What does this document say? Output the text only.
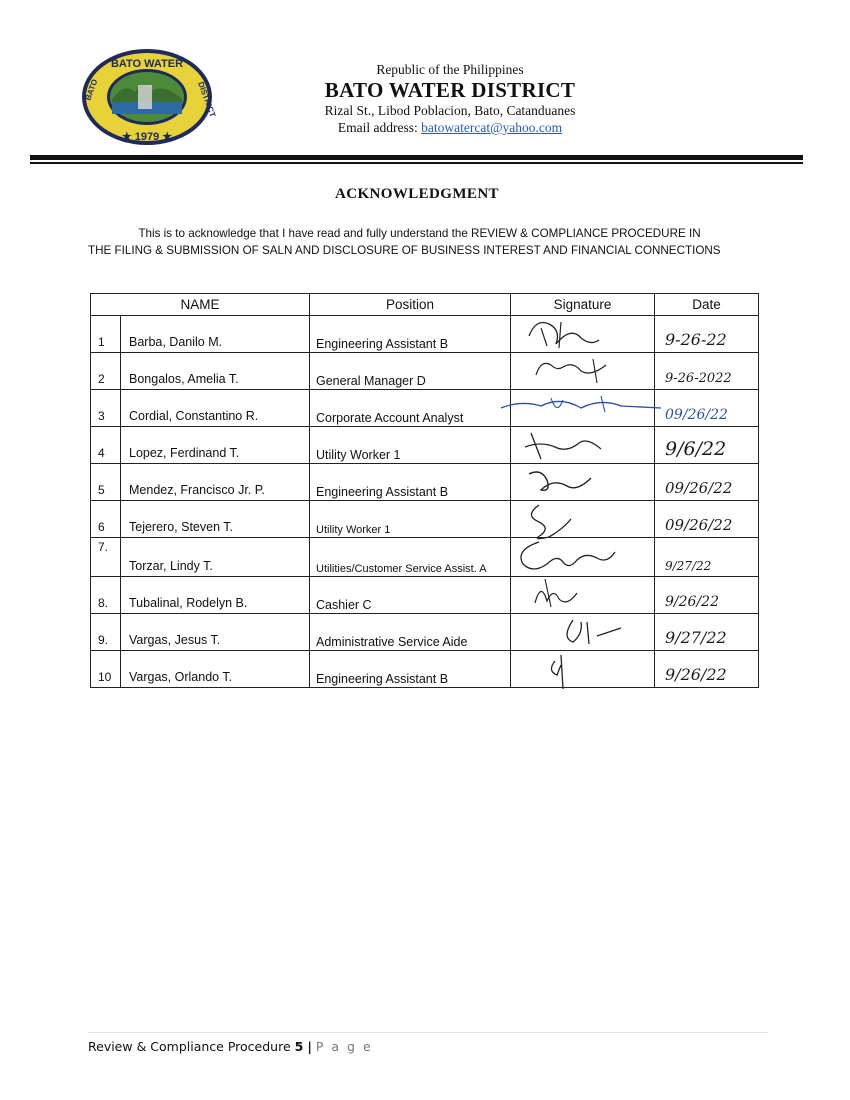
BATO WATER
★ 1979 ★
BATO	DISTRICT
Republic of the Philippines
BATO WATER DISTRICT
Rizal St., Libod Poblacion, Bato, Catanduanes
Email address: batowatercat@yahoo.com
ACKNOWLEDGMENT
This is to acknowledge that I have read and fully understand the REVIEW & COMPLIANCE PROCEDURE IN
THE FILING & SUBMISSION OF SALN AND DISCLOSURE OF BUSINESS INTEREST AND FINANCIAL CONNECTIONS
NAME		Position	Signature	Date
1	Barba, Danilo M.	Engineering Assistant B		9-26-22

2	Bongalos, Amelia T.	General Manager D		9-26-2022

3	Cordial, Constantino R.	Corporate Account Analyst		09/26/22

4	Lopez, Ferdinand T.	Utility Worker 1		9/6/22

5	Mendez, Francisco Jr. P.	Engineering Assistant B		09/26/22

6	Tejerero, Steven T.	Utility Worker 1		09/26/22

7.	Torzar, Lindy T.	Utilities/Customer Service Assist. A		9/27/22

8.	Tubalinal, Rodelyn B.	Cashier C		9/26/22

9.	Vargas, Jesus T.	Administrative Service Aide		9/27/22

10	Vargas, Orlando T.	Engineering Assistant B		9/26/22
Review & Compliance Procedure 5 | P a g e
